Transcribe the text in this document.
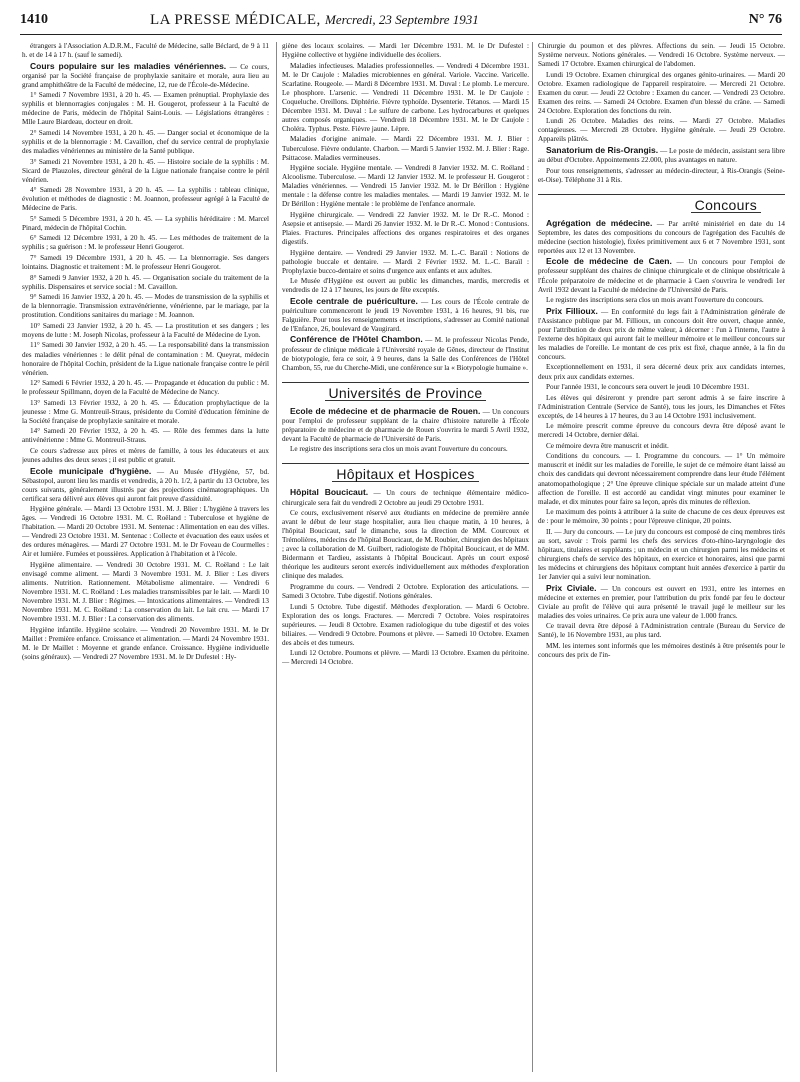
1410	LA PRESSE MÉDICALE, Mercredi, 23 Septembre 1931	N° 76

étrangers à l'Association A.D.R.M., Faculté de Médecine, salle Béclard, de 9 à 11 h. et de 14 à 17 h. (sauf le samedi).

Cours populaire sur les maladies vénériennes. — Ce cours, organisé par la Société française de prophylaxie sanitaire et morale, aura lieu au grand amphithéâtre de la Faculté de médecine, 12, rue de l'École-de-Médecine.

1° Samedi 7 Novembre 1931, à 20 h. 45. — Examen prénuptial. Prophylaxie des syphilis et blennorragies conjugales : M. H. Gougerot, professeur à la Faculté de médecine de Paris, médecin de l'hôpital Saint-Louis. — Législations étrangères : Mlle Laure Biardeau, docteur en droit.

2° Samedi 14 Novembre 1931, à 20 h. 45. — Danger social et économique de la syphilis et de la blennorragie : M. Cavaillon, chef du service central de prophylaxie des maladies vénériennes au ministère de la Santé publique.

3° Samedi 21 Novembre 1931, à 20 h. 45. — Histoire sociale de la syphilis : M. Sicard de Plauzoles, directeur général de la Ligue nationale française contre le péril vénérien.

4° Samedi 28 Novembre 1931, à 20 h. 45. — La syphilis : tableau clinique, évolution et méthodes de diagnostic : M. Joannon, professeur agrégé à la Faculté de Médecine de Paris.

5° Samedi 5 Décembre 1931, à 20 h. 45. — La syphilis héréditaire : M. Marcel Pinard, médecin de l'hôpital Cochin.

6° Samedi 12 Décembre 1931, à 20 h. 45. — Les méthodes de traitement de la syphilis ; sa guérison : M. le professeur Henri Gougerot.

7° Samedi 19 Décembre 1931, à 20 h. 45. — La blennorragie. Ses dangers lointains. Diagnostic et traitement : M. le professeur Henri Gougerot.

8° Samedi 9 Janvier 1932, à 20 h. 45. — Organisation sociale du traitement de la syphilis. Dispensaires et service social : M. Cavaillon.

9° Samedi 16 Janvier 1932, à 20 h. 45. — Modes de transmission de la syphilis et de la blennorragie. Transmission extravénérienne, vénérienne, par le mariage, par la prostitution. Conditions sanitaires du mariage : M. Joannon.

10° Samedi 23 Janvier 1932, à 20 h. 45. — La prostitution et ses dangers ; les moyens de lutte : M. Joseph Nicolas, professeur à la Faculté de Médecine de Lyon.

11° Samedi 30 Janvier 1932, à 20 h. 45. — La responsabilité dans la transmission des maladies vénériennes : le délit pénal de contamination : M. Queyrat, médecin honoraire de l'hôpital Cochin, président de la Ligue nationale française contre le péril vénérien.

12° Samedi 6 Février 1932, à 20 h. 45. — Propagande et éducation du public : M. le professeur Spillmann, doyen de la Faculté de Médecine de Nancy.

13° Samedi 13 Février 1932, à 20 h. 45. — Éducation prophylactique de la jeunesse : Mme G. Montreuil-Straus, présidente du Comité d'éducation féminine de la Société française de prophylaxie sanitaire et morale.

14° Samedi 20 Février 1932, à 20 h. 45. — Rôle des femmes dans la lutte antivénérienne : Mme G. Montreuil-Straus.

Ce cours s'adresse aux pères et mères de famille, à tous les éducateurs et aux jeunes adultes des deux sexes ; il est public et gratuit.

Ecole municipale d'hygiène. — Au Musée d'Hygiène, 57, bd. Sébastopol, auront lieu les mardis et vendredis, à 20 h. 1/2, à partir du 13 Octobre, les cours suivants, généralement illustrés par des projections cinématographiques. Un certificat sera délivré aux élèves qui auront fait preuve d'assiduité.

Hygiène générale. — Mardi 13 Octobre 1931. M. J. Blier : L'hygiène à travers les âges. — Vendredi 16 Octobre 1931. M. C. Roëland : Tuberculose et hygiène de l'habitation. — Mardi 20 Octobre 1931. M. Sentenac : Alimentation en eau des villes. — Vendredi 23 Octobre 1931. M. Sentenac : Collecte et évacuation des eaux usées et des ordures ménagères. — Mardi 27 Octobre 1931. M. le Dr Foveau de Courmelles : Air et lumière. Fumées et poussières. Application à l'habitation et à l'école.

Hygiène alimentaire. — Vendredi 30 Octobre 1931. M. C. Roëland : Le lait envisagé comme aliment. — Mardi 3 Novembre 1931. M. J. Blier : Les divers aliments. Nutrition. Rationnement. Métabolisme alimentaire. — Vendredi 6 Novembre 1931. M. C. Roëland : Les maladies transmissibles par le lait. — Mardi 10 Novembre 1931. M. J. Blier : Régimes. — Intoxications alimentaires. — Vendredi 13 Novembre 1931. M. C. Roëland : La conservation du lait. Le lait cru. — Mardi 17 Novembre 1931. M. J. Blier : La conservation des aliments.

Hygiène infantile. Hygiène scolaire. — Vendredi 20 Novembre 1931. M. le Dr Maillet : Première enfance. Croissance et alimentation. — Mardi 24 Novembre 1931. M. le Dr Maillet : Moyenne et grande enfance. Croissance. Hygiène individuelle (soins généraux). — Vendredi 27 Novembre 1931. M. le Dr Dufestel : Hy-

giène des locaux scolaires. — Mardi 1er Décembre 1931. M. le Dr Dufestel : Hygiène collective et hygiène individuelle des écoliers.

Maladies infectieuses. Maladies professionnelles. — Vendredi 4 Décembre 1931. M. le Dr Caujole : Maladies microbiennes en général. Variole. Vaccine. Varicelle. Scarlatine. Rougeole. — Mardi 8 Décembre 1931. M. Duval : Le plomb. Le mercure. Le phosphore. L'arsenic. — Vendredi 11 Décembre 1931. M. le Dr Caujole : Coqueluche. Oreillons. Diphtérie. Fièvre typhoïde. Dysenterie. Tétanos. — Mardi 15 Décembre 1931. M. Duval : Le sulfure de carbone. Les hydrocarbures et quelques autres composés organiques. — Vendredi 18 Décembre 1931. M. le Dr Caujole : Choléra. Typhus. Peste. Fièvre jaune. Lèpre.

Maladies d'origine animale. — Mardi 22 Décembre 1931. M. J. Blier : Tuberculose. Fièvre ondulante. Charbon. — Mardi 5 Janvier 1932. M. J. Blier : Rage. Psittacose. Maladies vermineuses.

Hygiène sociale. Hygiène mentale. — Vendredi 8 Janvier 1932. M. C. Roëland : Alcoolisme. Tuberculose. — Mardi 12 Janvier 1932. M. le professeur H. Gougerot : Maladies vénériennes. — Vendredi 15 Janvier 1932. M. le Dr Bérillon : Hygiène mentale : la défense contre les maladies mentales. — Mardi 19 Janvier 1932. M. le Dr Bérillon : Hygiène mentale : le problème de l'enfance anormale.

Hygiène chirurgicale. — Vendredi 22 Janvier 1932. M. le Dr R.-C. Monod : Asepsie et antisepsie. — Mardi 26 Janvier 1932. M. le Dr R.-C. Monod : Contusions. Plaies. Fractures. Principales affections des organes respiratoires et des organes digestifs.

Hygiène dentaire. — Vendredi 29 Janvier 1932. M. L.-C. Baraïl : Notions de pathologie buccale et dentaire. — Mardi 2 Février 1932. M. L.-C. Baraïl : Prophylaxie bucco-dentaire et soins d'urgence aux enfants et aux adultes.

Le Musée d'Hygiène est ouvert au public les dimanches, mardis, mercredis et vendredis de 12 à 17 heures, les jours de fête exceptés.

Ecole centrale de puériculture. — Les cours de l'École centrale de puériculture commenceront le jeudi 19 Novembre 1931, à 16 heures, 91 bis, rue Falguière. Pour tous les renseignements et inscriptions, s'adresser au Comité national de l'Enfance, 26, boulevard de Vaugirard.

Conférence de l'Hôtel Chambon. — M. le professeur Nicolas Pende, professeur de clinique médicale à l'Université royale de Gênes, directeur de l'Institut de biotypologie, fera ce soir, à 9 heures, dans la Salle des Conférences de l'Hôtel Chambon, 55, rue du Cherche-Midi, une conférence sur la « Biotypologie humaine ».

Universités de Province

Ecole de médecine et de pharmacie de Rouen. — Un concours pour l'emploi de professeur suppléant de la chaire d'histoire naturelle à l'École préparatoire de médecine et de pharmacie de Rouen s'ouvrira le mardi 5 Avril 1932, devant la Faculté de pharmacie de l'Université de Paris.

Le registre des inscriptions sera clos un mois avant l'ouverture du concours.

Hôpitaux et Hospices

Hôpital Boucicaut. — Un cours de technique élémentaire médico-chirurgicale sera fait du vendredi 2 Octobre au jeudi 29 Octobre 1931.

Ce cours, exclusivement réservé aux étudiants en médecine de première année avant le début de leur stage hospitalier, aura lieu chaque matin, à 10 heures, à l'hôpital Boucicaut, sauf le dimanche, sous la direction de MM. Courcoux et Trémolières, médecins de l'hôpital Boucicaut, de M. Roubier, chirurgien des hôpitaux ; avec la collaboration de M. Guilbert, radiologiste de l'hôpital Boucicaut, et de MM. Bidermann et Tardieu, assistants à l'hôpital Boucicaut. Après un court exposé théorique les auditeurs seront exercés individuellement aux méthodes d'exploration clinique des malades.

Programme du cours. — Vendredi 2 Octobre. Exploration des articulations. — Samedi 3 Octobre. Tube digestif. Notions générales.

Lundi 5 Octobre. Tube digestif. Méthodes d'exploration. — Mardi 6 Octobre. Exploration des os longs. Fractures. — Mercredi 7 Octobre. Voies respiratoires supérieures. — Jeudi 8 Octobre. Examen radiologique du tube digestif et des voies biliaires. — Vendredi 9 Octobre. Poumons et plèvre. — Samedi 10 Octobre. Examen des abcès et des tumeurs.

Lundi 12 Octobre. Poumons et plèvre. — Mardi 13 Octobre. Examen du péritoine. — Mercredi 14 Octobre.

Chirurgie du poumon et des plèvres. Affections du sein. — Jeudi 15 Octobre. Système nerveux. Notions générales. — Vendredi 16 Octobre. Système nerveux. — Samedi 17 Octobre. Examen chirurgical de l'abdomen.

Lundi 19 Octobre. Examen chirurgical des organes génito-urinaires. — Mardi 20 Octobre. Examen radiologique de l'appareil respiratoire. — Mercredi 21 Octobre. Examen du cœur. — Jeudi 22 Octobre : Examen du cancer. — Vendredi 23 Octobre. Examen des reins. — Samedi 24 Octobre. Examen d'un blessé du crâne. — Samedi 24 Octobre. Exploration des fonctions du rein.

Lundi 26 Octobre. Maladies des reins. — Mardi 27 Octobre. Maladies contagieuses. — Mercredi 28 Octobre. Hygiène générale. — Jeudi 29 Octobre. Appareils plâtrés.

Sanatorium de Ris-Orangis. — Le poste de médecin, assistant sera libre au début d'Octobre. Appointements 22.000, plus avantages en nature.

Pour tous renseignements, s'adresser au médecin-directeur, à Ris-Orangis (Seine-et-Oise). Téléphone 31 à Ris.

Concours

Agrégation de médecine. — Par arrêté ministériel en date du 14 Septembre, les dates des compositions du concours de l'agrégation des Facultés de médecine (section histologie), fixées primitivement aux 6 et 7 Novembre 1931, sont reportées aux 12 et 13 Novembre.

Ecole de médecine de Caen. — Un concours pour l'emploi de professeur suppléant des chaires de clinique chirurgicale et de clinique obstétricale à l'École préparatoire de médecine et de pharmacie à Caen s'ouvrira le vendredi 1er Avril 1932 devant la Faculté de médecine de l'Université de Paris.

Le registre des inscriptions sera clos un mois avant l'ouverture du concours.

Prix Fillioux. — En conformité du legs fait à l'Administration générale de l'Assistance publique par M. Fillioux, un concours doit être ouvert, chaque année, pour l'attribution de deux prix de même valeur, à décerner : l'un à l'interne, l'autre à l'externe des hôpitaux qui auront fait le meilleur mémoire et le meilleur concours sur les maladies de l'oreille. Le montant de ces prix est fixé, chaque année, à la fin du concours.

Exceptionnellement en 1931, il sera décerné deux prix aux candidats internes, deux prix aux candidats externes.

Pour l'année 1931, le concours sera ouvert le jeudi 10 Décembre 1931.

Les élèves qui désireront y prendre part seront admis à se faire inscrire à l'Administration Centrale (Service de Santé), tous les jours, les Dimanches et Fêtes exceptés, de 14 heures à 17 heures, du 3 au 14 Octobre 1931 inclusivement.

Le mémoire prescrit comme épreuve du concours devra être déposé avant le mercredi 14 Octobre, dernier délai.

Ce mémoire devra être manuscrit et inédit.

Conditions du concours. — I. Programme du concours. — 1° Un mémoire manuscrit et inédit sur les maladies de l'oreille, le sujet de ce mémoire étant laissé au choix des candidats qui devront nécessairement comprendre dans leur étude l'élément anatomopathologique ; 2° Une épreuve clinique spéciale sur un malade atteint d'une affection de l'oreille. Il est accordé au candidat vingt minutes pour examiner le malade, et dix minutes pour faire sa leçon, après dix minutes de réflexion.

Le maximum des points à attribuer à la suite de chacune de ces deux épreuves est de : pour le mémoire, 30 points ; pour l'épreuve clinique, 20 points.

II. — Jury du concours. — Le jury du concours est composé de cinq membres tirés au sort, savoir : Trois parmi les chefs des services d'oto-rhino-laryngologie des hôpitaux, titulaires et suppléants ; un médecin et un chirurgien parmi les médecins et chirurgiens chefs de service des hôpitaux, en exercice et honoraires, ainsi que parmi les médecins et chirurgiens des hôpitaux comptant huit années d'exercice à partir du 1er Janvier qui a suivi leur nomination.

Prix Civiale. — Un concours est ouvert en 1931, entre les internes en médecine et externes en premier, pour l'attribution du prix fondé par feu le docteur Civiale au profit de l'élève qui aura présenté le travail jugé le meilleur sur les maladies des voies urinaires. Ce prix aura une valeur de 1.000 francs.

Ce travail devra être déposé à l'Administration centrale (Bureau du Service de Santé), le 16 Novembre 1931, au plus tard.

MM. les internes sont informés que les mémoires destinés à être présentés pour le concours des prix de l'in-
